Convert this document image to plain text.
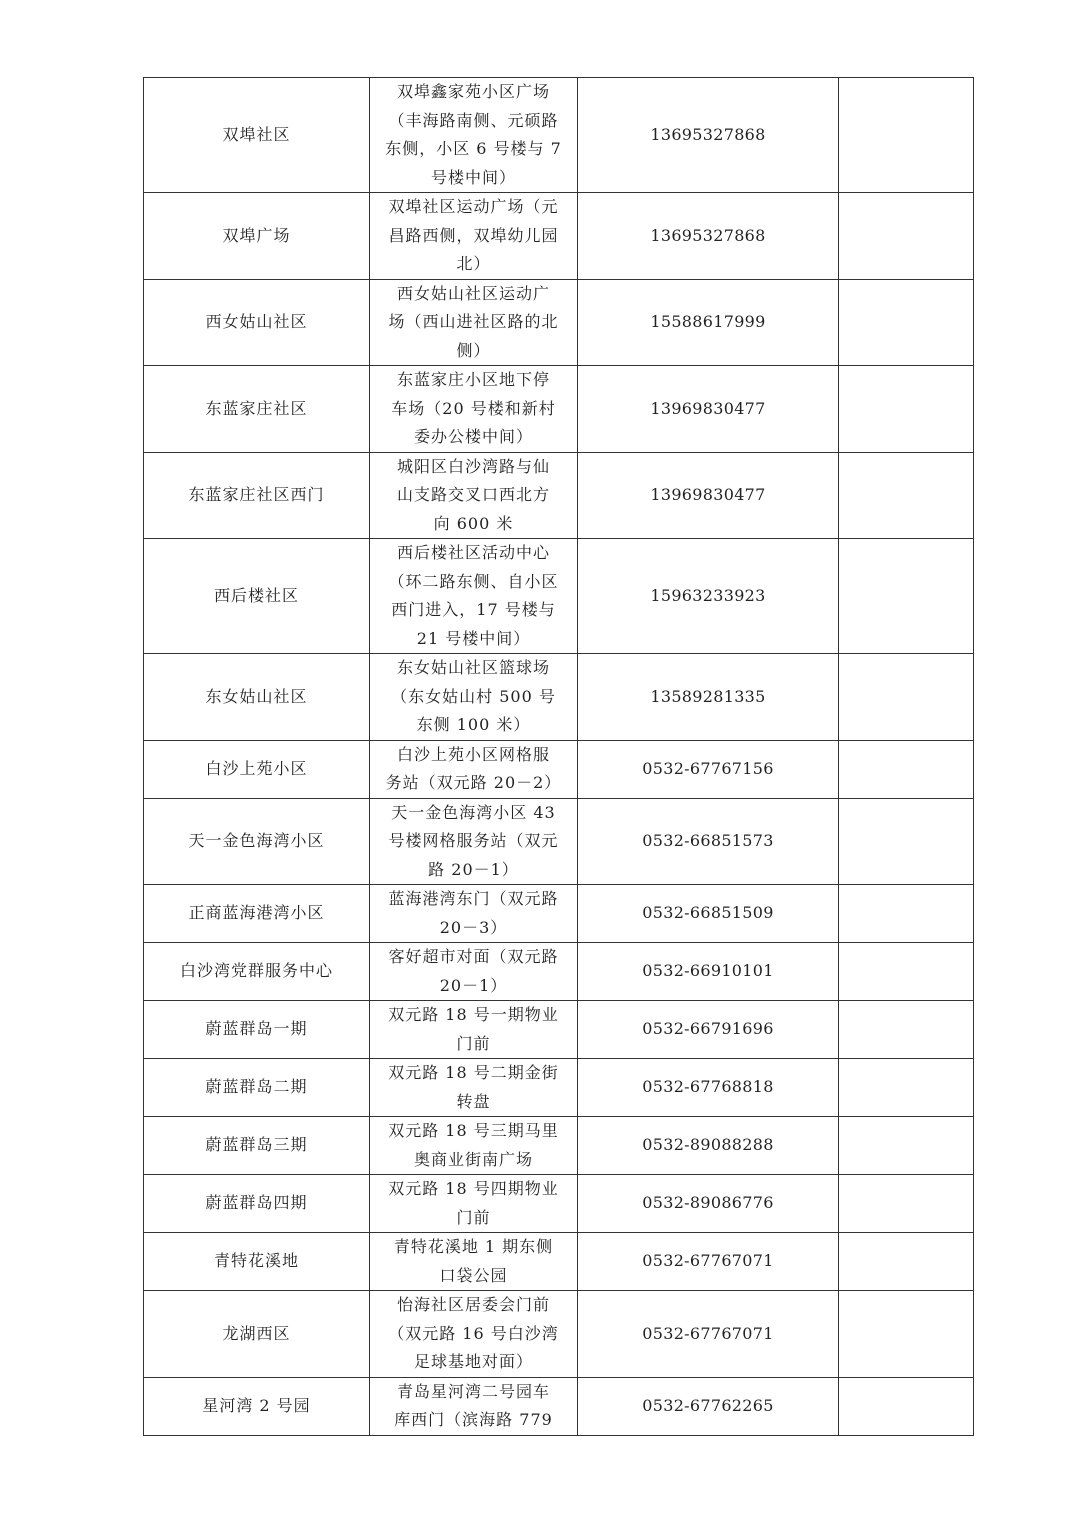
双埠社区	双埠鑫家苑小区广场
（丰海路南侧、元硕路
东侧，小区 6 号楼与 7
号楼中间）	13695327868	
双埠广场	双埠社区运动广场（元
昌路西侧，双埠幼儿园
北）	13695327868	
西女姑山社区	西女姑山社区运动广
场（西山进社区路的北
侧）	15588617999	
东蓝家庄社区	东蓝家庄小区地下停
车场（20 号楼和新村
委办公楼中间）	13969830477	
东蓝家庄社区西门	城阳区白沙湾路与仙
山支路交叉口西北方
向 600 米	13969830477	
西后楼社区	西后楼社区活动中心
（环二路东侧、自小区
西门进入，17 号楼与
21 号楼中间）	15963233923	
东女姑山社区	东女姑山社区篮球场
（东女姑山村 500 号
东侧 100 米）	13589281335	
白沙上苑小区	白沙上苑小区网格服
务站（双元路 20－2）	0532-67767156	
天一金色海湾小区	天一金色海湾小区 43
号楼网格服务站（双元
路 20－1）	0532-66851573	
正商蓝海港湾小区	蓝海港湾东门（双元路
20－3）	0532-66851509	
白沙湾党群服务中心	客好超市对面（双元路
20－1）	0532-66910101	
蔚蓝群岛一期	双元路 18 号一期物业
门前	0532-66791696	
蔚蓝群岛二期	双元路 18 号二期金街
转盘	0532-67768818	
蔚蓝群岛三期	双元路 18 号三期马里
奥商业街南广场	0532-89088288	
蔚蓝群岛四期	双元路 18 号四期物业
门前	0532-89086776	
青特花溪地	青特花溪地 1 期东侧
口袋公园	0532-67767071	
龙湖西区	怡海社区居委会门前
（双元路 16 号白沙湾
足球基地对面）	0532-67767071	
星河湾 2 号园	青岛星河湾二号园车
库西门（滨海路 779	0532-67762265	
